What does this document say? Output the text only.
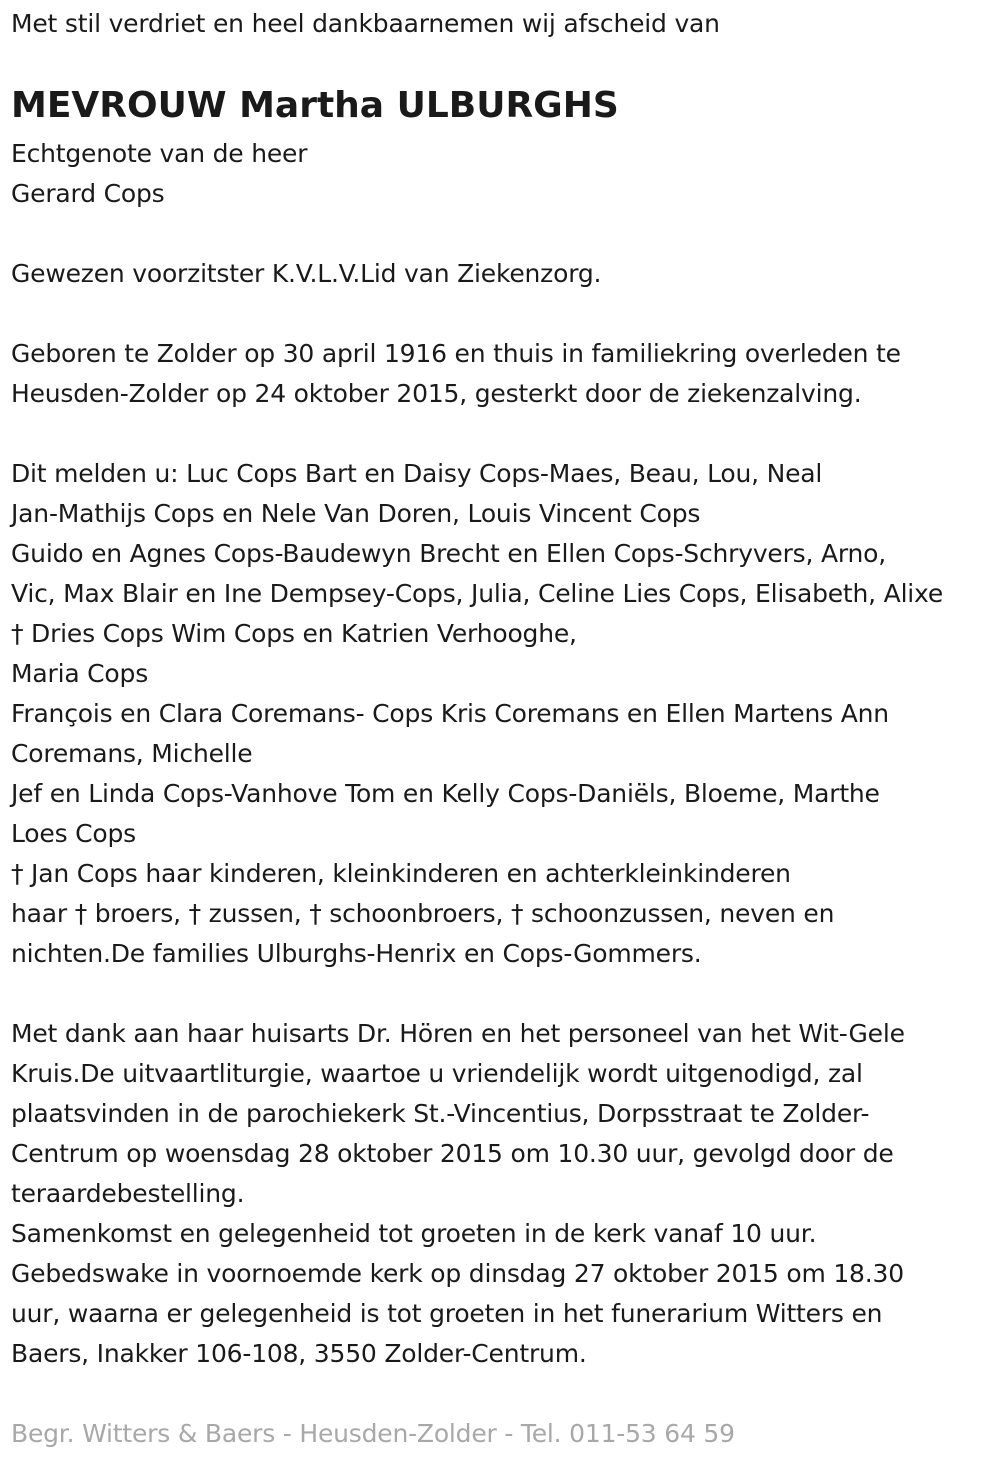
Met stil verdriet en heel dankbaarnemen wij afscheid van
MEVROUW Martha ULBURGHS
Echtgenote van de heer
Gerard Cops
Gewezen voorzitster K.V.L.V.Lid van Ziekenzorg.
Geboren te Zolder op 30 april 1916 en thuis in familiekring overleden te
Heusden-Zolder op 24 oktober 2015, gesterkt door de ziekenzalving.
Dit melden u: Luc Cops Bart en Daisy Cops-Maes, Beau, Lou, Neal
Jan-Mathijs Cops en Nele Van Doren, Louis Vincent Cops
Guido en Agnes Cops-Baudewyn Brecht en Ellen Cops-Schryvers, Arno,
Vic, Max Blair en Ine Dempsey-Cops, Julia, Celine Lies Cops, Elisabeth, Alixe
† Dries Cops Wim Cops en Katrien Verhooghe,
Maria Cops
François en Clara Coremans- Cops Kris Coremans en Ellen Martens Ann
Coremans, Michelle
Jef en Linda Cops-Vanhove Tom en Kelly Cops-Daniëls, Bloeme, Marthe
Loes Cops
† Jan Cops haar kinderen, kleinkinderen en achterkleinkinderen
haar † broers, † zussen, † schoonbroers, † schoonzussen, neven en
nichten.De families Ulburghs-Henrix en Cops-Gommers.
Met dank aan haar huisarts Dr. Hören en het personeel van het Wit-Gele
Kruis.De uitvaartliturgie, waartoe u vriendelijk wordt uitgenodigd, zal
plaatsvinden in de parochiekerk St.-Vincentius, Dorpsstraat te Zolder-
Centrum op woensdag 28 oktober 2015 om 10.30 uur, gevolgd door de
teraardebestelling.
Samenkomst en gelegenheid tot groeten in de kerk vanaf 10 uur.
Gebedswake in voornoemde kerk op dinsdag 27 oktober 2015 om 18.30
uur, waarna er gelegenheid is tot groeten in het funerarium Witters en
Baers, Inakker 106-108, 3550 Zolder-Centrum.
Begr. Witters & Baers - Heusden-Zolder - Tel. 011-53 64 59
